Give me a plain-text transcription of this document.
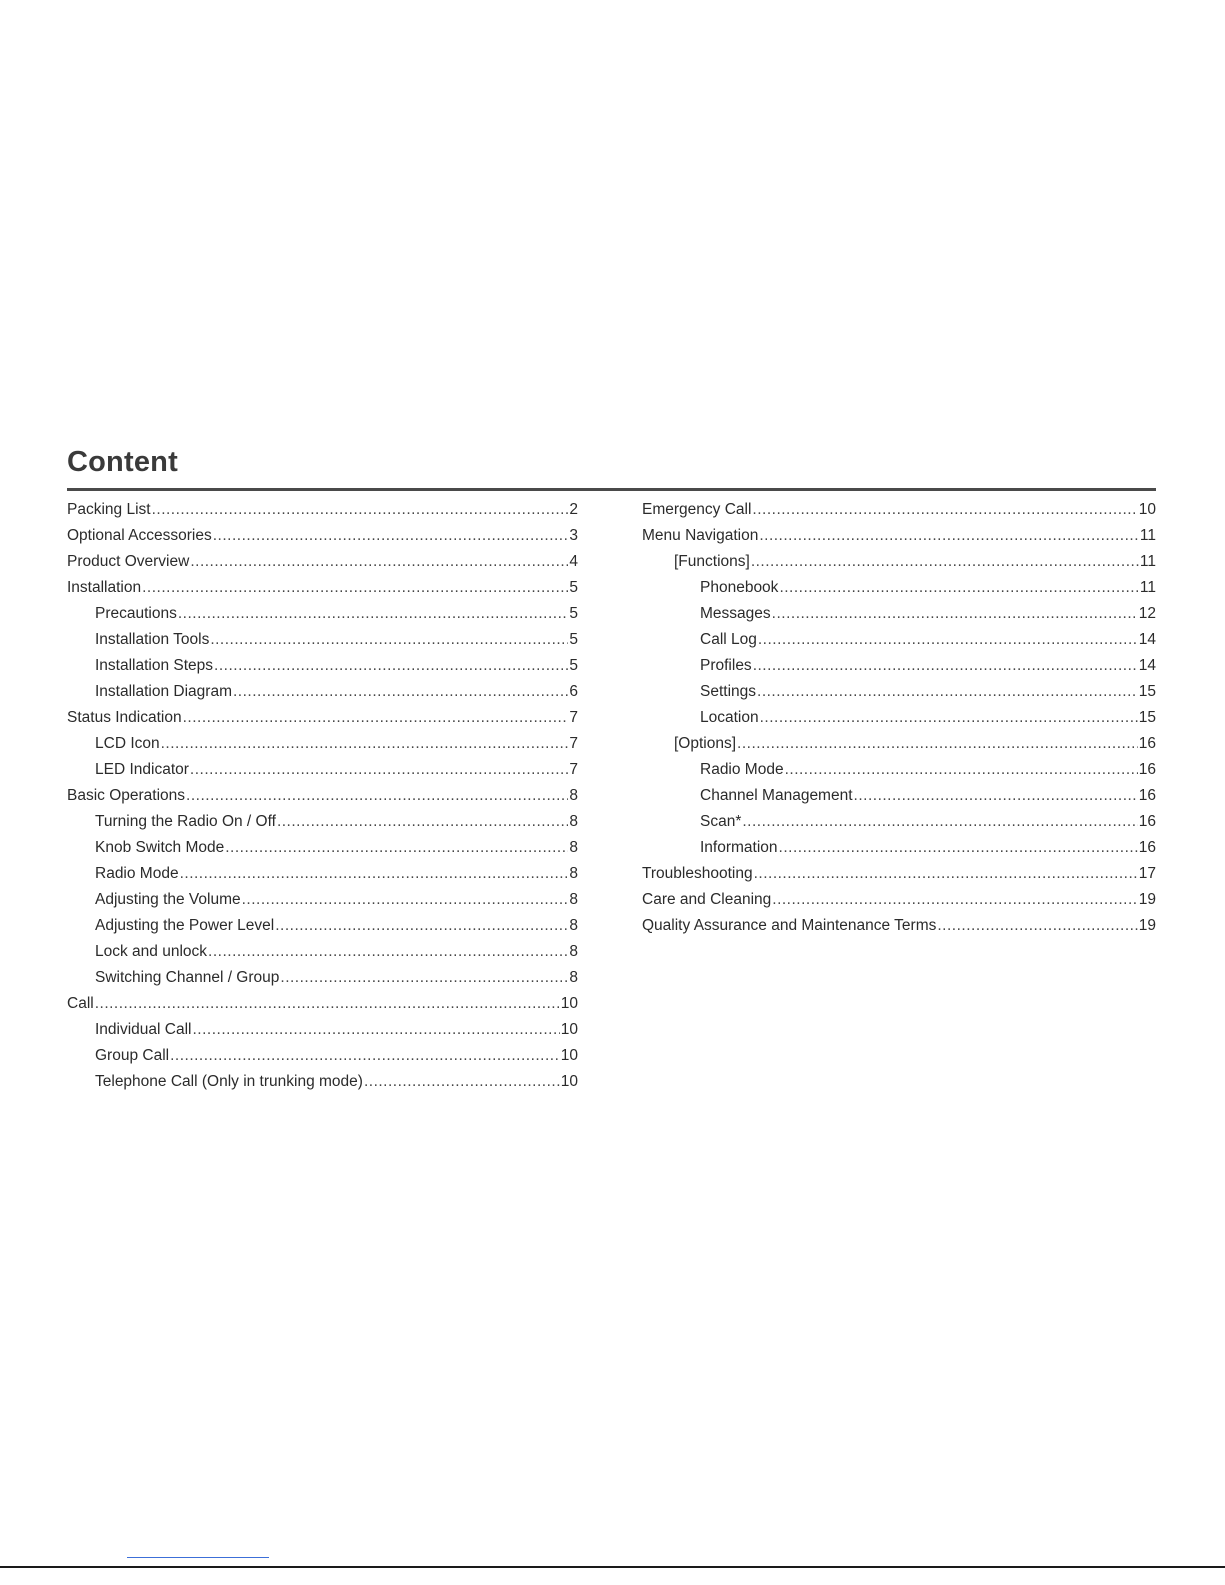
Content
Packing List .....	2
Optional Accessories .....	3
Product Overview .....	4
Installation .....	5
Precautions .....	5
Installation Tools .....	5
Installation Steps .....	5
Installation Diagram .....	6
Status Indication .....	7
LCD Icon .....	7
LED Indicator .....	7
Basic Operations .....	8
Turning the Radio On / Off .....	8
Knob Switch Mode .....	8
Radio Mode .....	8
Adjusting the Volume .....	8
Adjusting the Power Level .....	8
Lock and unlock .....	8
Switching Channel / Group .....	8
Call .....	10
Individual Call .....	10
Group Call .....	10
Telephone Call (Only in trunking mode) .....	10
Emergency Call .....	10
Menu Navigation .....	11
[Functions] .....	11
Phonebook .....	11
Messages .....	12
Call Log .....	14
Profiles .....	14
Settings .....	15
Location .....	15
[Options] .....	16
Radio Mode .....	16
Channel Management .....	16
Scan* .....	16
Information .....	16
Troubleshooting .....	17
Care and Cleaning .....	19
Quality Assurance and Maintenance Terms .....	19
